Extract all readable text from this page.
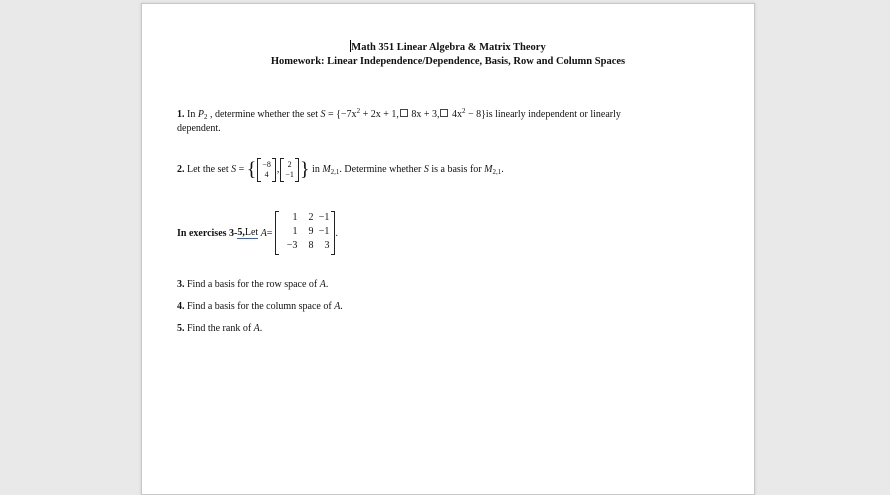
Math 351 Linear Algebra & Matrix Theory
Homework: Linear Independence/Dependence, Basis, Row and Column Spaces
1. In $P_2$ , determine whether the set $S = \{-7x^2 + 2x + 1$, 8x + 3, $4x^2 - 8\}is$ linearly independent or linearly
dependent.
2. Let the set S = { −8
4 , 2
−1 } in $M_{2,1}$. Determine whether S is a basis for $M_{2,1}$.
In exercises 3- 5, Let
A =
1	2 −1
1	9 −1
−3	8	3
.
3. Find a basis for the row space of A.
4. Find a basis for the column space of A.
5. Find the rank of A.
